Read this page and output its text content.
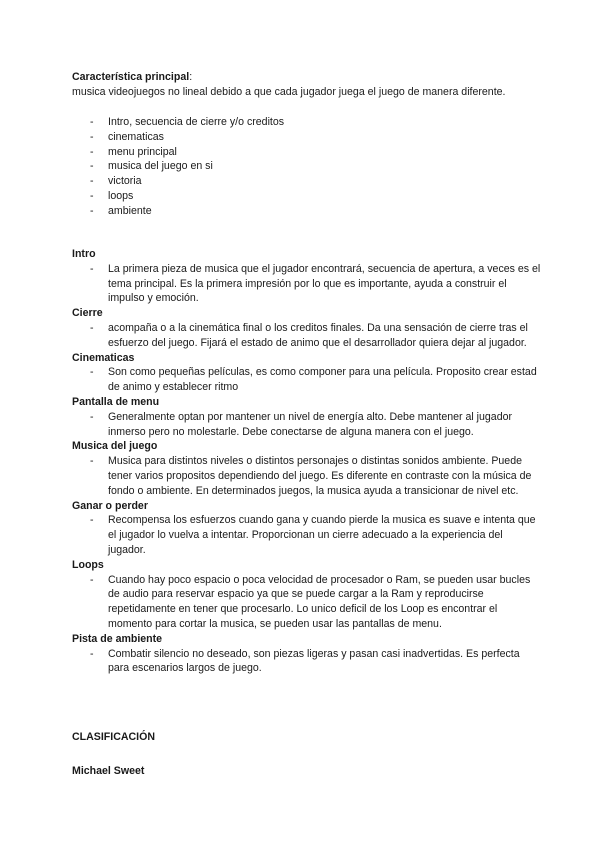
Característica principal:

musica videojuegos no lineal debido a que cada jugador juega el juego de manera diferente.

- Intro, secuencia de cierre y/o creditos
- cinematicas
- menu principal
- musica del juego en si
- victoria
- loops
- ambiente

Intro

- La primera pieza de musica que el jugador encontrará, secuencia de apertura, a veces es el tema principal. Es la primera impresión por lo que es importante, ayuda a construir el impulso y emoción.

Cierre

- acompaña o a la cinemática final o los creditos finales. Da una sensación de cierre tras el esfuerzo del juego. Fijará el estado de animo que el desarrollador quiera dejar al jugador.

Cinematicas

- Son como pequeñas películas, es como componer para una película. Proposito crear estad de animo y establecer ritmo

Pantalla de menu

- Generalmente optan por mantener un nivel de energía alto. Debe mantener al jugador inmerso pero no molestarle. Debe conectarse de alguna manera con el juego.

Musica del juego

- Musica para distintos niveles o distintos personajes o distintas sonidos ambiente. Puede tener varios propositos dependiendo del juego. Es diferente en contraste con la música de fondo o ambiente. En determinados juegos, la musica ayuda a transicionar de nivel etc.

Ganar o perder

- Recompensa los esfuerzos cuando gana y cuando pierde la musica es suave e intenta que el jugador lo vuelva a intentar. Proporcionan un cierre adecuado a la experiencia del jugador.

Loops

- Cuando hay poco espacio o poca velocidad de procesador o Ram, se pueden usar bucles de audio para reservar espacio ya que se puede cargar a la Ram y reproducirse repetidamente en tener que procesarlo. Lo unico deficil de los Loop es encontrar el momento para cortar la musica, se pueden usar las pantallas de menu.

Pista de ambiente

- Combatir silencio no deseado, son piezas ligeras y pasan casi inadvertidas. Es perfecta para escenarios largos de juego.
CLASIFICACIÓN
Michael Sweet
